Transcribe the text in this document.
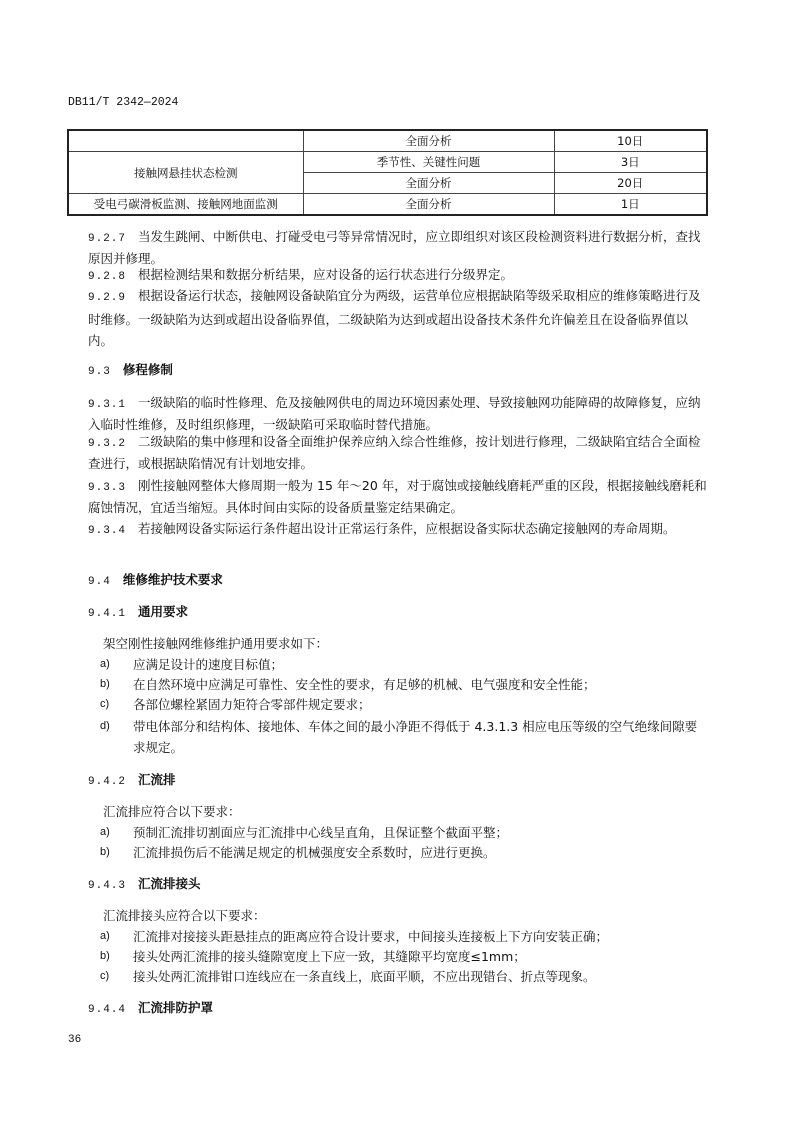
DB11/T 2342—2024
	全面分析	10日
接触网悬挂状态检测	季节性、关键性问题	3日
	全面分析	20日
受电弓碳滑板监测、接触网地面监测	全面分析	1日
9.2.7 当发生跳闸、中断供电、打碰受电弓等异常情况时，应立即组织对该区段检测资料进行数据分析，查找原因并修理。
9.2.8 根据检测结果和数据分析结果，应对设备的运行状态进行分级界定。
9.2.9 根据设备运行状态，接触网设备缺陷宜分为两级，运营单位应根据缺陷等级采取相应的维修策略进行及时维修。一级缺陷为达到或超出设备临界值，二级缺陷为达到或超出设备技术条件允许偏差且在设备临界值以内。
9.3 修程修制
9.3.1 一级缺陷的临时性修理、危及接触网供电的周边环境因素处理、导致接触网功能障碍的故障修复，应纳入临时性维修，及时组织修理，一级缺陷可采取临时替代措施。
9.3.2 二级缺陷的集中修理和设备全面维护保养应纳入综合性维修，按计划进行修理，二级缺陷宜结合全面检查进行，或根据缺陷情况有计划地安排。
9.3.3 刚性接触网整体大修周期一般为 15 年～20 年，对于腐蚀或接触线磨耗严重的区段，根据接触线磨耗和腐蚀情况，宜适当缩短。具体时间由实际的设备质量鉴定结果确定。
9.3.4 若接触网设备实际运行条件超出设计正常运行条件，应根据设备实际状态确定接触网的寿命周期。
9.4 维修维护技术要求
9.4.1 通用要求
架空刚性接触网维修维护通用要求如下：
a)	应满足设计的速度目标值；
b)	在自然环境中应满足可靠性、安全性的要求，有足够的机械、电气强度和安全性能；
c)	各部位螺栓紧固力矩符合零部件规定要求；
d)	带电体部分和结构体、接地体、车体之间的最小净距不得低于 4.3.1.3 相应电压等级的空气绝缘间隙要求规定。
9.4.2 汇流排
汇流排应符合以下要求：
a)	预制汇流排切割面应与汇流排中心线呈直角，且保证整个截面平整；
b)	汇流排损伤后不能满足规定的机械强度安全系数时，应进行更换。
9.4.3 汇流排接头
汇流排接头应符合以下要求：
a)	汇流排对接接头距悬挂点的距离应符合设计要求，中间接头连接板上下方向安装正确；
b)	接头处两汇流排的接头缝隙宽度上下应一致，其缝隙平均宽度≤1mm；
c)	接头处两汇流排钳口连线应在一条直线上，底面平顺，不应出现错台、折点等现象。
9.4.4 汇流排防护罩
36
